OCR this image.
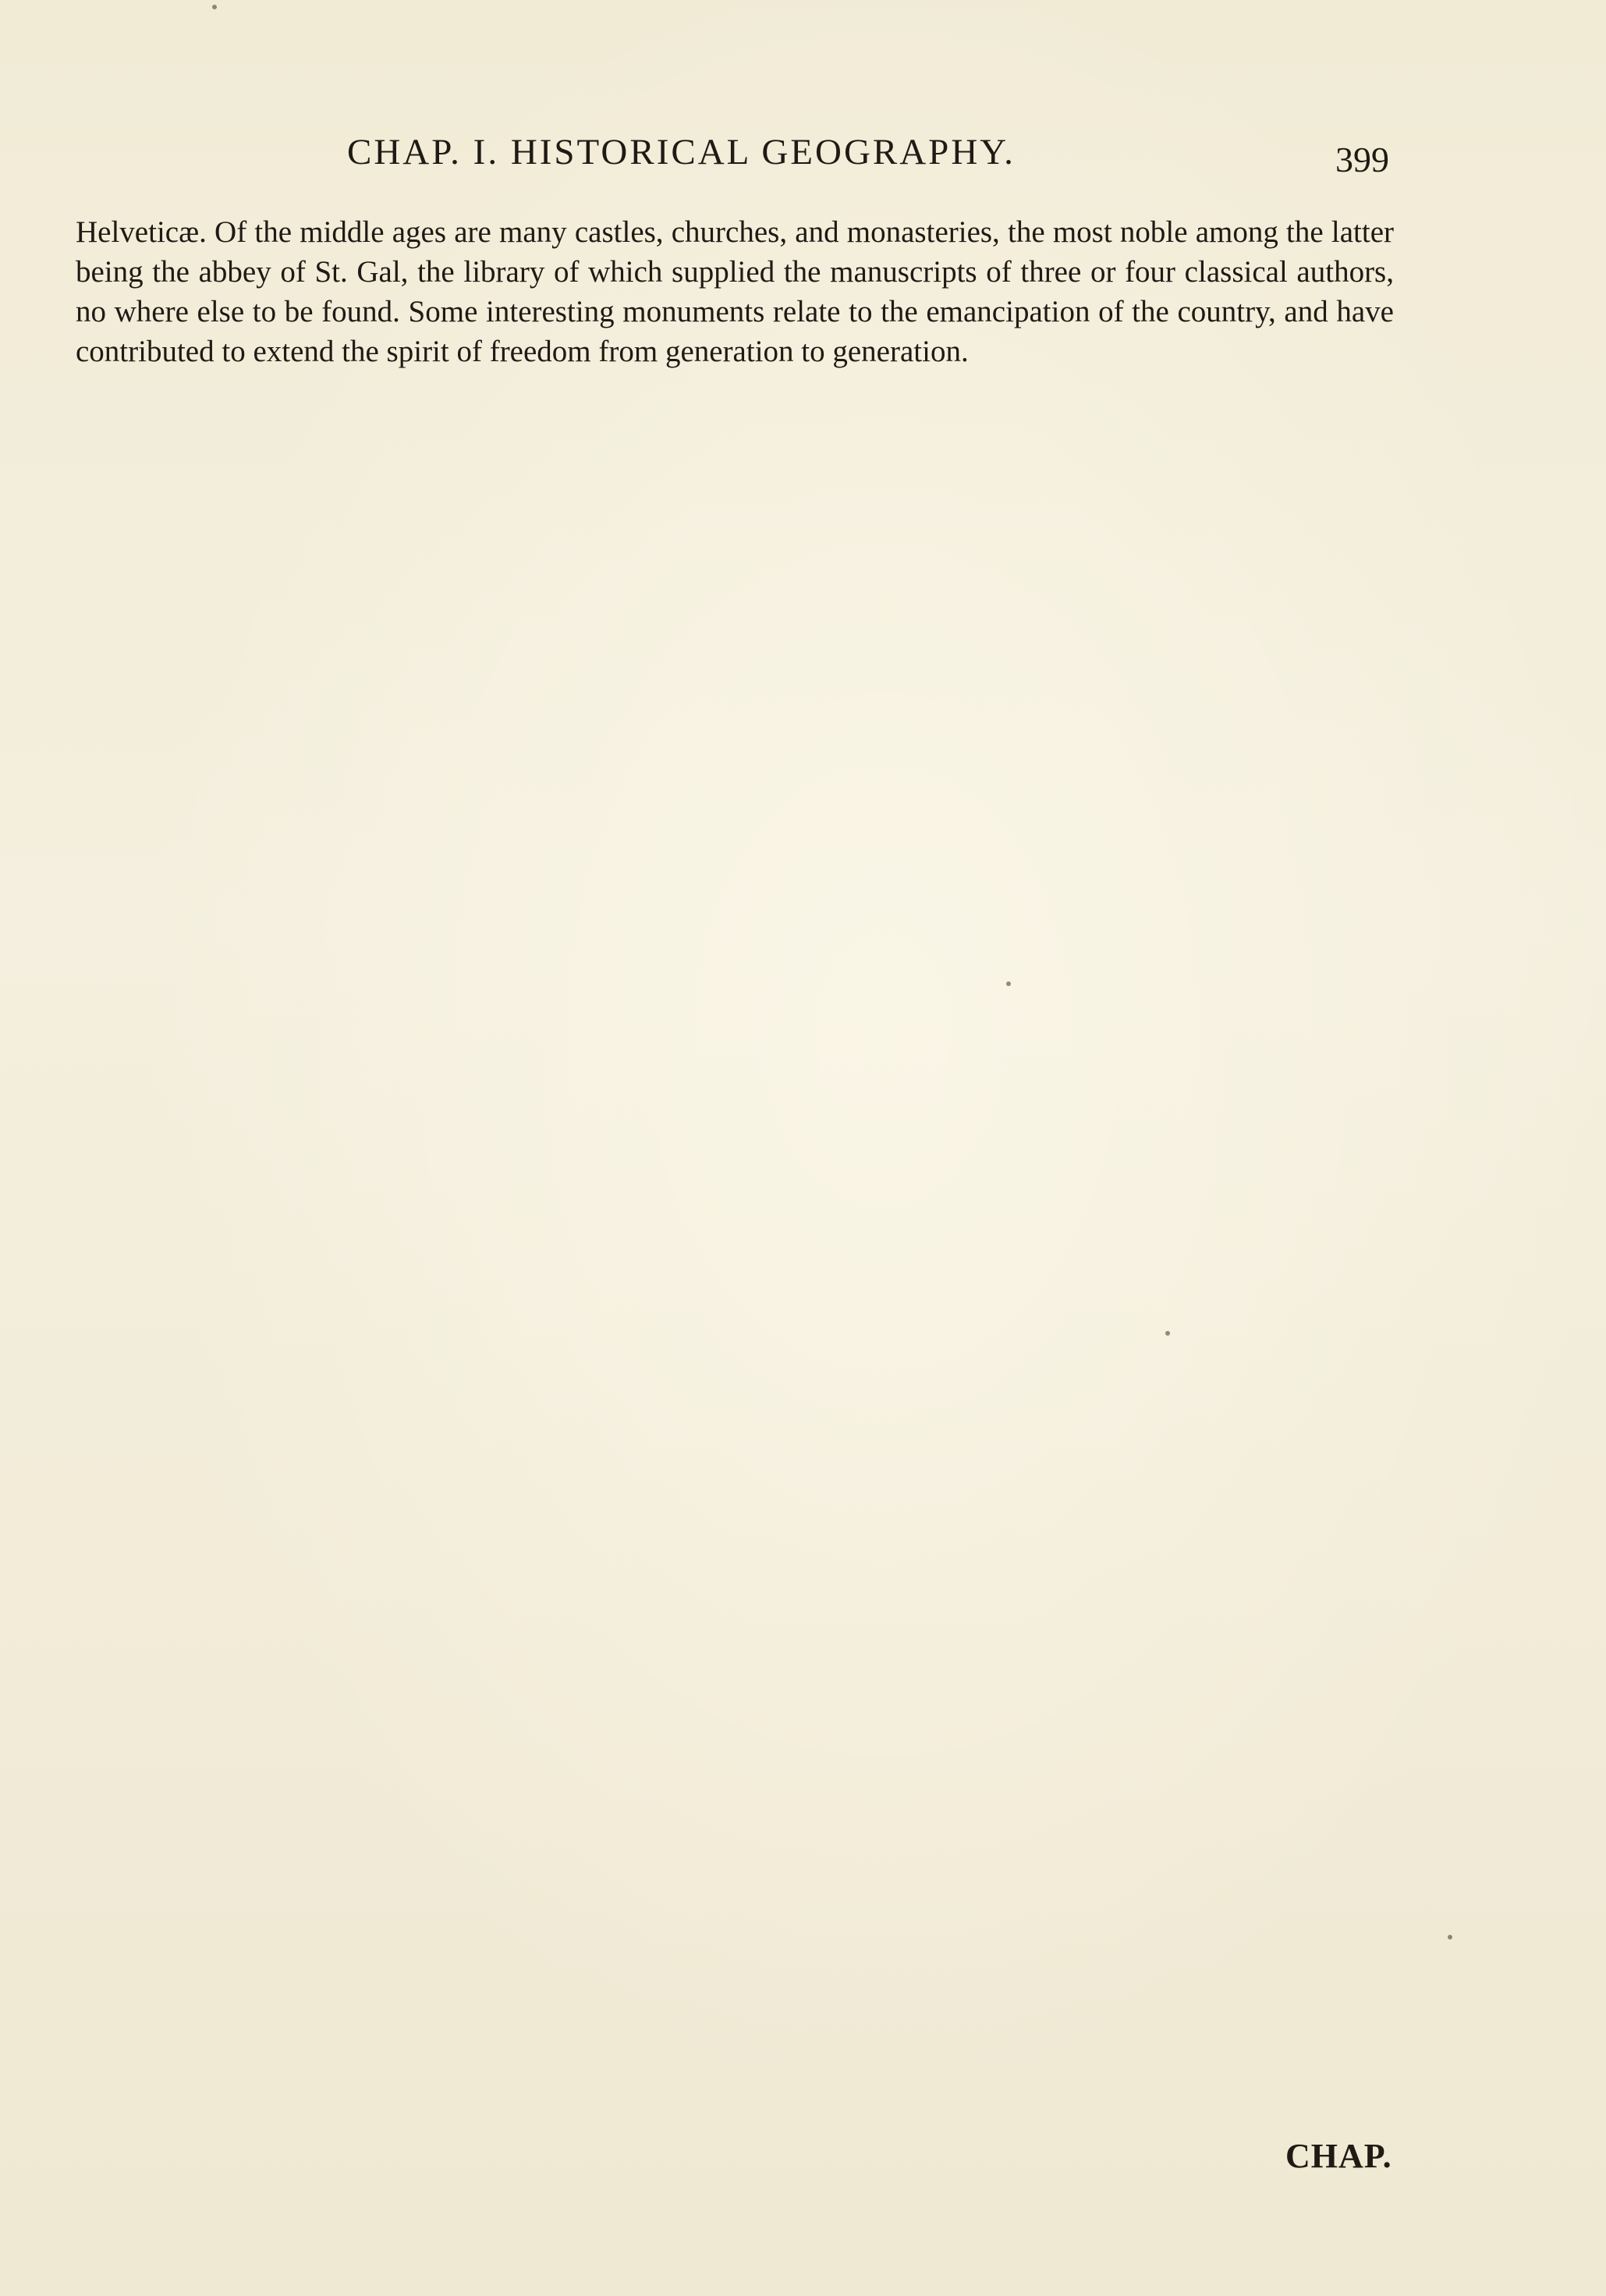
CHAP. I. HISTORICAL GEOGRAPHY.	399

Helveticæ. Of the middle ages are many castles, churches, and monasteries, the most noble among the latter being the abbey of St. Gal, the library of which supplied the manuscripts of three or four classical authors, no where else to be found. Some interesting monuments relate to the emancipation of the country, and have contributed to extend the spirit of freedom from generation to generation.

CHAP.
